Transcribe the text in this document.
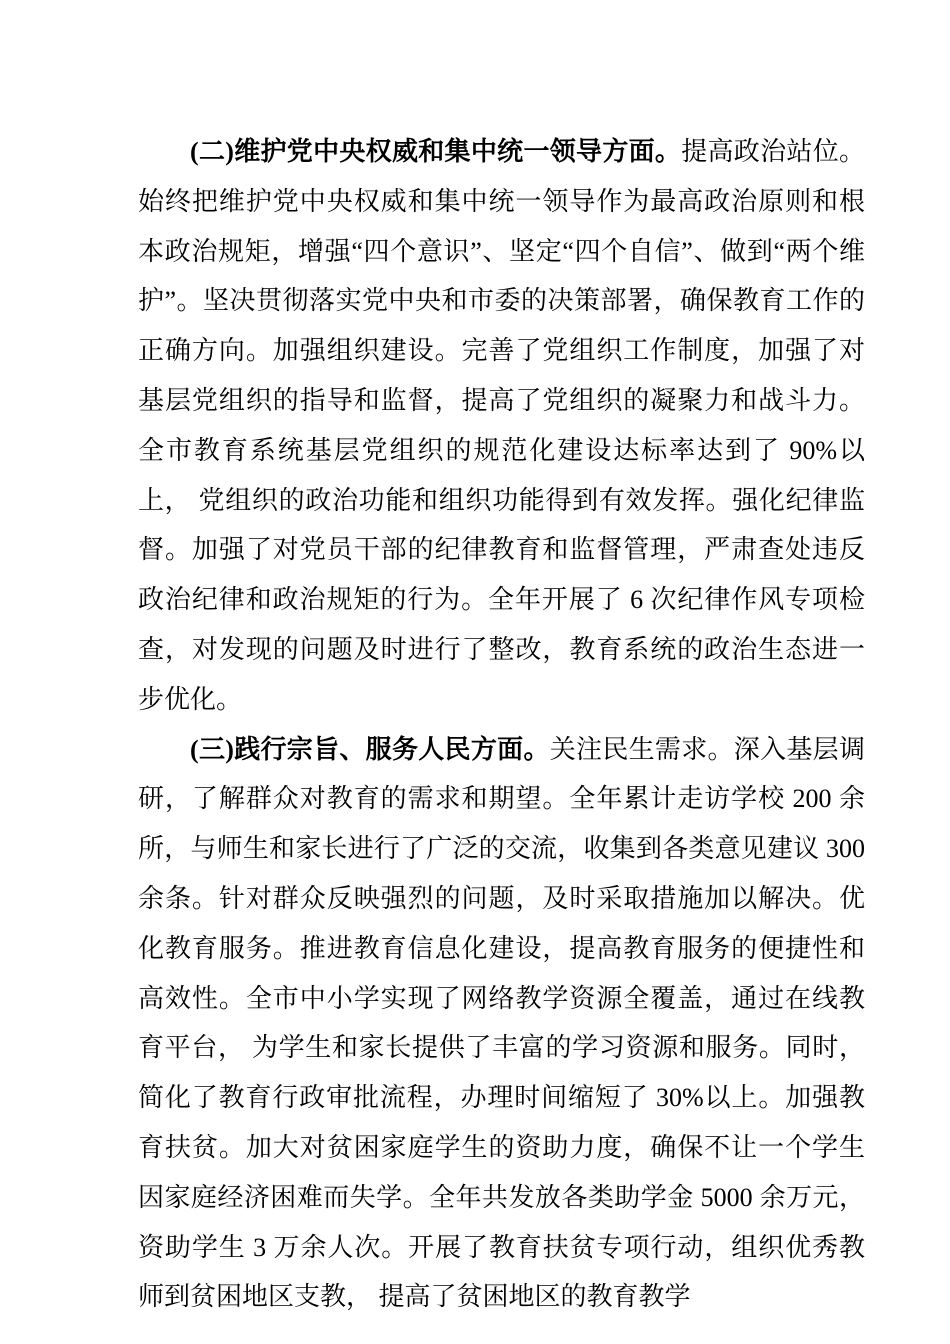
(二)维护党中央权威和集中统一领导方面。提高政治站位。 始终把维护党中央权威和集中统一领导作为最高政治原则和根本政治规矩，增强“四个意识”、坚定“四个自信”、做到“两个维护”。坚决贯彻落实党中央和市委的决策部署，确保教育工作的正确方向。加强组织建设。完善了党组织工作制度，加强了对基层党组织的指导和监督，提高了党组织的凝聚力和战斗力。全市教育系统基层党组织的规范化建设达标率达到了 90%以上， 党组织的政治功能和组织功能得到有效发挥。强化纪律监督。加强了对党员干部的纪律教育和监督管理，严肃查处违反政治纪律和政治规矩的行为。全年开展了 6 次纪律作风专项检查，对发现的问题及时进行了整改，教育系统的政治生态进一步优化。

(三)践行宗旨、服务人民方面。关注民生需求。深入基层调研，了解群众对教育的需求和期望。全年累计走访学校 200 余所，与师生和家长进行了广泛的交流，收集到各类意见建议 300 余条。针对群众反映强烈的问题，及时采取措施加以解决。优化教育服务。推进教育信息化建设，提高教育服务的便捷性和高效性。全市中小学实现了网络教学资源全覆盖，通过在线教育平台， 为学生和家长提供了丰富的学习资源和服务。同时，简化了教育行政审批流程，办理时间缩短了 30%以上。加强教育扶贫。加大对贫困家庭学生的资助力度，确保不让一个学生因家庭经济困难而失学。全年共发放各类助学金 5000 余万元，资助学生 3 万余人次。开展了教育扶贫专项行动，组织优秀教师到贫困地区支教， 提高了贫困地区的教育教学
